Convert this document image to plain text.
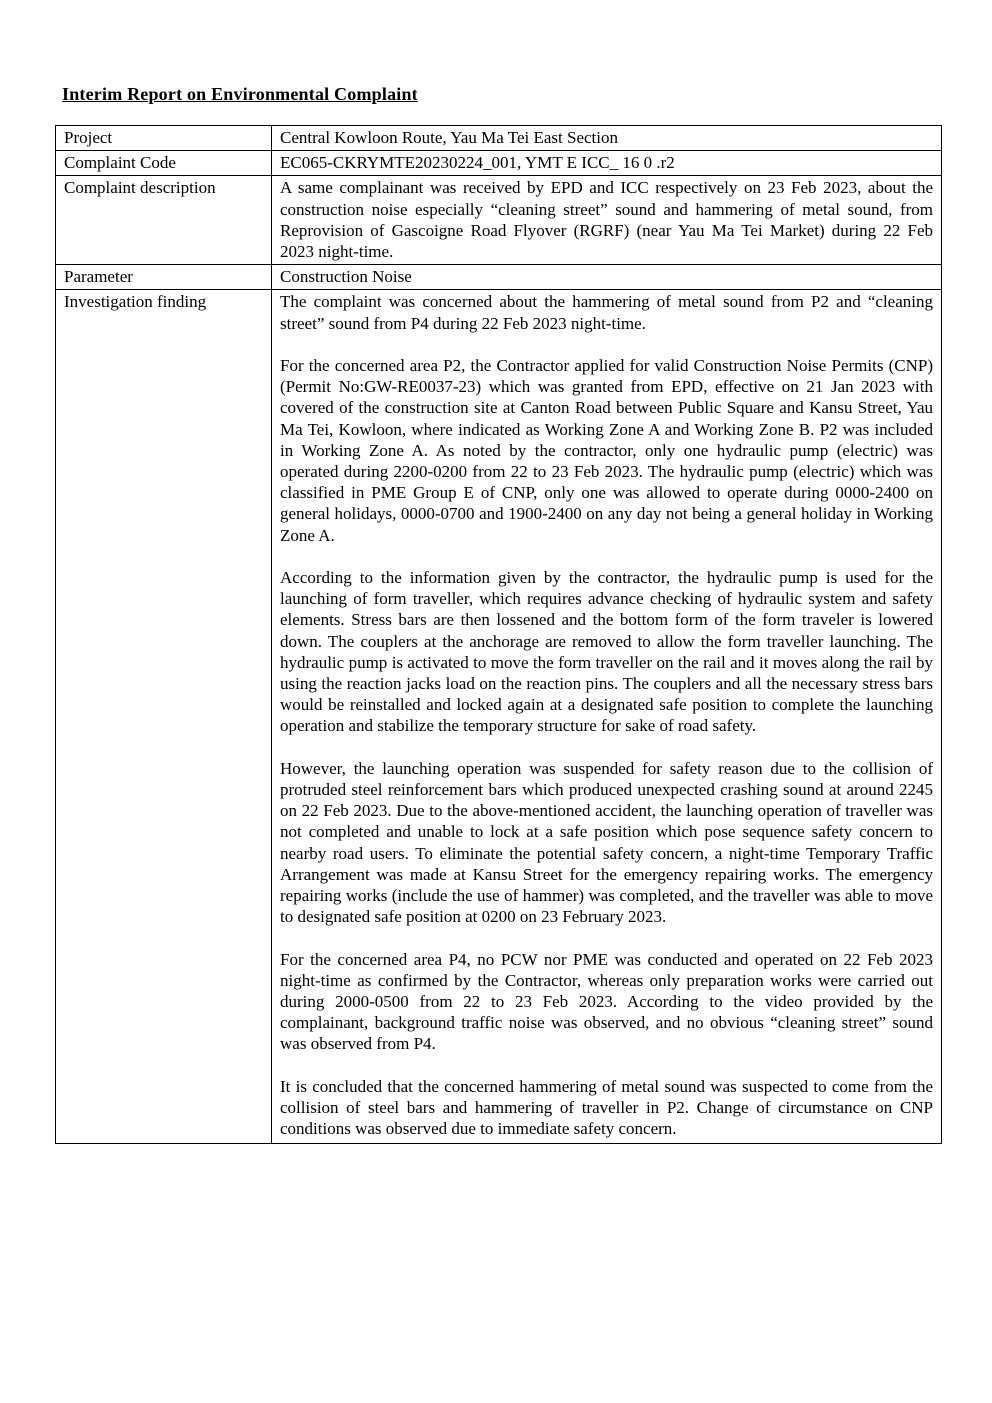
Interim Report on Environmental Complaint
Project	Central Kowloon Route, Yau Ma Tei East Section
Complaint Code	EC065-CKRYMTE20230224_001, YMT E ICC_ 16 0 .r2
Complaint description	A same complainant was received by EPD and ICC respectively on 23 Feb 2023, about the construction noise especially “cleaning street” sound and hammering of metal sound, from Reprovision of Gascoigne Road Flyover (RGRF) (near Yau Ma Tei Market) during 22 Feb 2023 night-time.
Parameter	Construction Noise
Investigation finding	The complaint was concerned about the hammering of metal sound from P2 and “cleaning street” sound from P4 during 22 Feb 2023 night-time.

For the concerned area P2, the Contractor applied for valid Construction Noise Permits (CNP) (Permit No:GW-RE0037-23) which was granted from EPD, effective on 21 Jan 2023 with covered of the construction site at Canton Road between Public Square and Kansu Street, Yau Ma Tei, Kowloon, where indicated as Working Zone A and Working Zone B. P2 was included in Working Zone A. As noted by the contractor, only one hydraulic pump (electric) was operated during 2200-0200 from 22 to 23 Feb 2023. The hydraulic pump (electric) which was classified in PME Group E of CNP, only one was allowed to operate during 0000-2400 on general holidays, 0000-0700 and 1900-2400 on any day not being a general holiday in Working Zone A.

According to the information given by the contractor, the hydraulic pump is used for the launching of form traveller, which requires advance checking of hydraulic system and safety elements. Stress bars are then lossened and the bottom form of the form traveler is lowered down. The couplers at the anchorage are removed to allow the form traveller launching. The hydraulic pump is activated to move the form traveller on the rail and it moves along the rail by using the reaction jacks load on the reaction pins. The couplers and all the necessary stress bars would be reinstalled and locked again at a designated safe position to complete the launching operation and stabilize the temporary structure for sake of road safety.

However, the launching operation was suspended for safety reason due to the collision of protruded steel reinforcement bars which produced unexpected crashing sound at around 2245 on 22 Feb 2023. Due to the above-mentioned accident, the launching operation of traveller was not completed and unable to lock at a safe position which pose sequence safety concern to nearby road users. To eliminate the potential safety concern, a night-time Temporary Traffic Arrangement was made at Kansu Street for the emergency repairing works. The emergency repairing works (include the use of hammer) was completed, and the traveller was able to move to designated safe position at 0200 on 23 February 2023.

For the concerned area P4, no PCW nor PME was conducted and operated on 22 Feb 2023 night-time as confirmed by the Contractor, whereas only preparation works were carried out during 2000-0500 from 22 to 23 Feb 2023. According to the video provided by the complainant, background traffic noise was observed, and no obvious “cleaning street” sound was observed from P4.

It is concluded that the concerned hammering of metal sound was suspected to come from the collision of steel bars and hammering of traveller in P2. Change of circumstance on CNP conditions was observed due to immediate safety concern.
